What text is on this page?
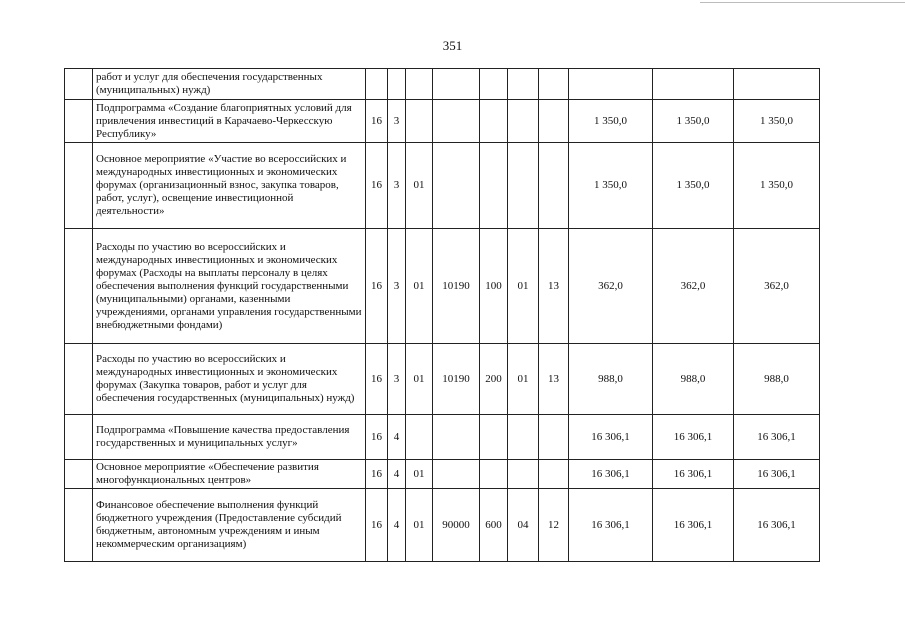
351
	работ и услуг для обеспечения государственных (муниципальных) нужд)										
	Подпрограмма «Создание благоприятных условий для привлечения инвестиций в Карачаево-Черкесскую Республику»	16	3						1 350,0	1 350,0	1 350,0
	Основное мероприятие «Участие во всероссийских и международных инвестиционных и экономических форумах (организационный взнос, закупка товаров, работ, услуг), освещение инвестиционной деятельности»	16	3	01					1 350,0	1 350,0	1 350,0
	Расходы по участию во всероссийских и международных инвестиционных и экономических форумах (Расходы на выплаты персоналу в целях обеспечения выполнения функций государственными (муниципальными) органами, казенными учреждениями, органами управления государственными внебюджетными фондами)	16	3	01	10190	100	01	13	362,0	362,0	362,0
	Расходы по участию во всероссийских и международных инвестиционных и экономических форумах (Закупка товаров, работ и услуг для обеспечения государственных (муниципальных) нужд)	16	3	01	10190	200	01	13	988,0	988,0	988,0
	Подпрограмма «Повышение качества предоставления государственных и муниципальных услуг»	16	4						16 306,1	16 306,1	16 306,1
	Основное мероприятие «Обеспечение развития многофункциональных центров»	16	4	01					16 306,1	16 306,1	16 306,1
	Финансовое обеспечение выполнения функций бюджетного учреждения (Предоставление субсидий бюджетным, автономным учреждениям и иным некоммерческим организациям)	16	4	01	90000	600	04	12	16 306,1	16 306,1	16 306,1
